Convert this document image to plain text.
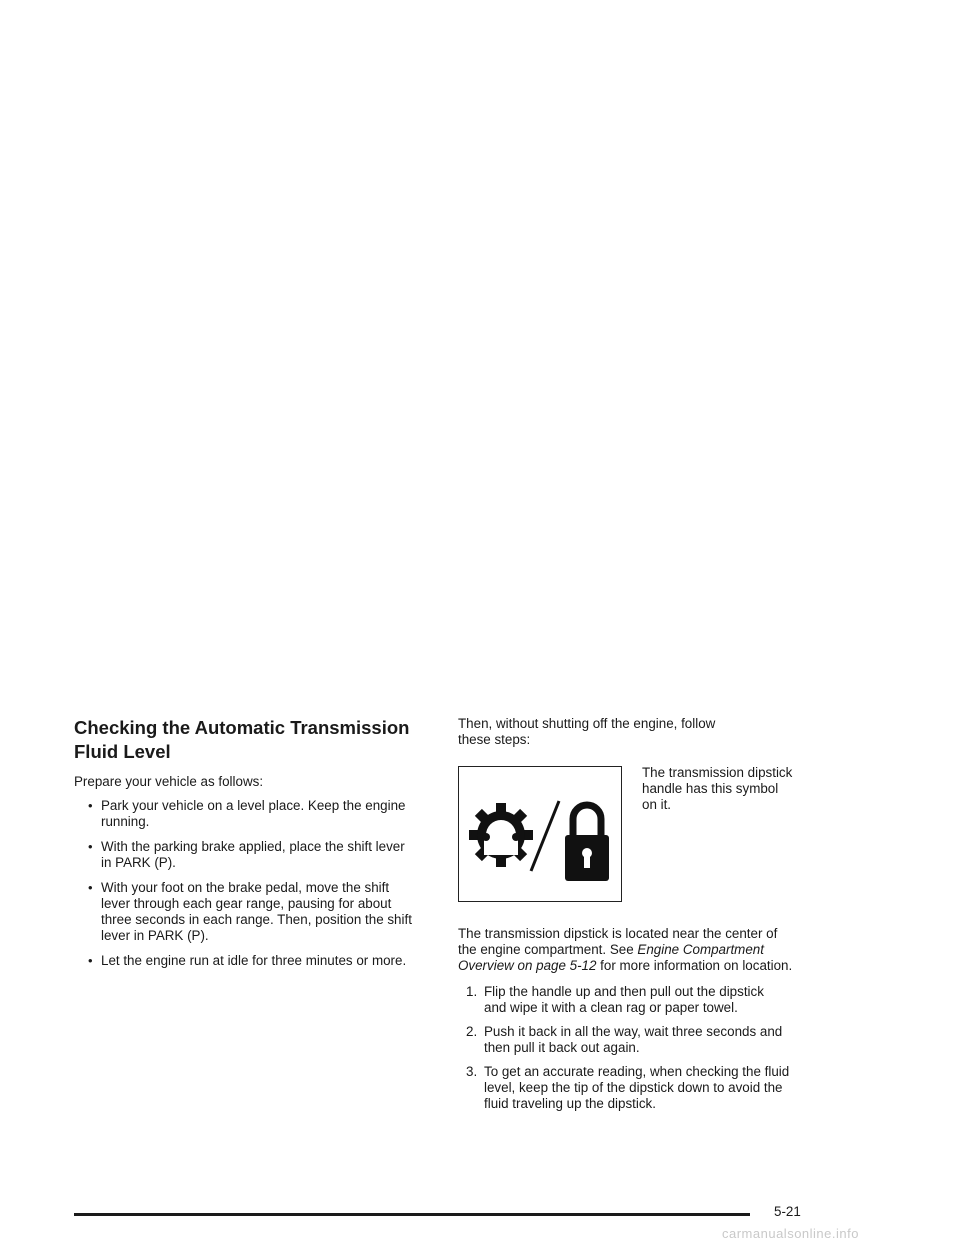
Checking the Automatic Transmission
Fluid Level

Prepare your vehicle as follows:

• Park your vehicle on a level place. Keep the engine
running.
• With the parking brake applied, place the shift lever
in PARK (P).
• With your foot on the brake pedal, move the shift
lever through each gear range, pausing for about
three seconds in each range. Then, position the shift
lever in PARK (P).
• Let the engine run at idle for three minutes or more.

Then, without shutting off the engine, follow
these steps:

The transmission dipstick
handle has this symbol
on it.

The transmission dipstick is located near the center of
the engine compartment. See Engine Compartment
Overview on page 5-12 for more information on location.

1. Flip the handle up and then pull out the dipstick
and wipe it with a clean rag or paper towel.
2. Push it back in all the way, wait three seconds and
then pull it back out again.
3. To get an accurate reading, when checking the fluid
level, keep the tip of the dipstick down to avoid the
fluid traveling up the dipstick.
5-21
carmanualsonline.info
